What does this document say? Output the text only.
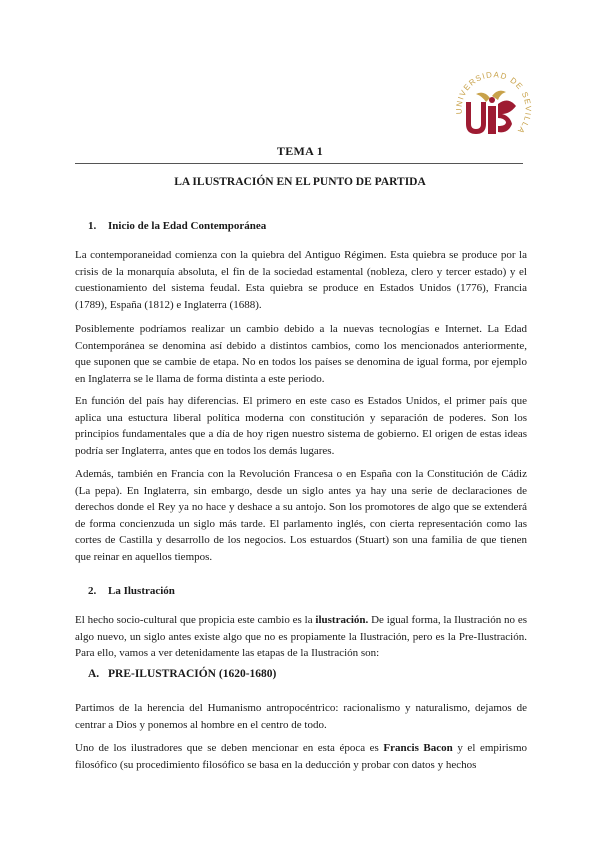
UNIVERSIDAD DE SEVILLA
TEMA 1
LA ILUSTRACIÓN EN EL PUNTO DE PARTIDA
1. Inicio de la Edad Contemporánea

La contemporaneidad comienza con la quiebra del Antiguo Régimen. Esta quiebra se produce por la crisis de la monarquía absoluta, el fin de la sociedad estamental (nobleza, clero y tercer estado) y el cuestionamiento del sistema feudal. Esta quiebra se produce en Estados Unidos (1776), Francia (1789), España (1812) e Inglaterra (1688).

Posiblemente podríamos realizar un cambio debido a la nuevas tecnologías e Internet. La Edad Contemporánea se denomina así debido a distintos cambios, como los mencionados anteriormente, que suponen que se cambie de etapa. No en todos los países se denomina de igual forma, por ejemplo en Inglaterra se le llama de forma distinta a este periodo.

En función del país hay diferencias. El primero en este caso es Estados Unidos, el primer país que aplica una estuctura liberal política moderna con constitución y separación de poderes. Son los principios fundamentales que a día de hoy rigen nuestro sistema de gobierno. El origen de estas ideas podría ser Inglaterra, antes que en todos los demás lugares.

Además, también en Francia con la Revolución Francesa o en España con la Constitución de Cádiz (La pepa). En Inglaterra, sin embargo, desde un siglo antes ya hay una serie de declaraciones de derechos donde el Rey ya no hace y deshace a su antojo. Son los promotores de algo que se extenderá de forma concienzuda un siglo más tarde. El parlamento inglés, con cierta representación como las cortes de Castilla y desarrollo de los negocios. Los estuardos (Stuart) son una familia de que tienen que reinar en aquellos tiempos.

2. La Ilustración

El hecho socio-cultural que propicia este cambio es la ilustración. De igual forma, la Ilustración no es algo nuevo, un siglo antes existe algo que no es propiamente la Ilustración, pero es la Pre-Ilustración. Para ello, vamos a ver detenidamente las etapas de la Ilustración son:

A. PRE-ILUSTRACIÓN (1620-1680)

Partimos de la herencia del Humanismo antropocéntrico: racionalismo y naturalismo, dejamos de centrar a Dios y ponemos al hombre en el centro de todo.

Uno de los ilustradores que se deben mencionar en esta época es Francis Bacon y el empirismo filosófico (su procedimiento filosófico se basa en la deducción y probar con datos y hechos
